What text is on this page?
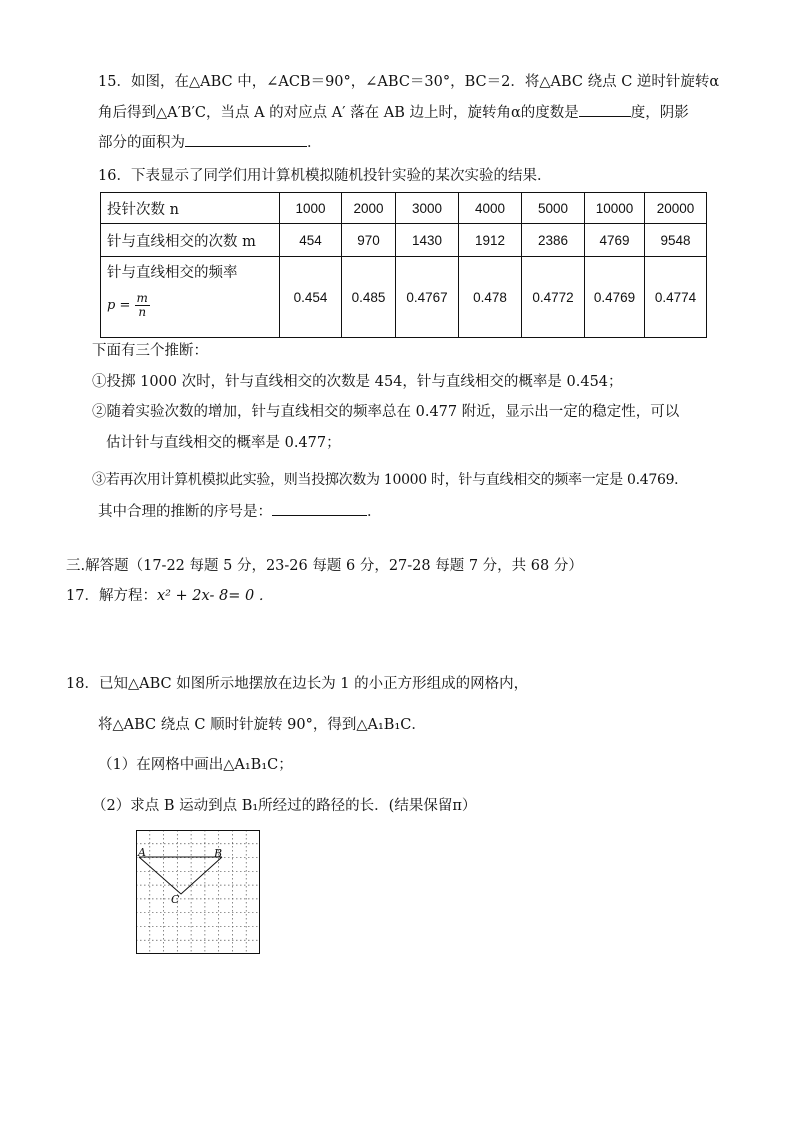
15．如图，在△ABC 中，∠ACB＝90°，∠ABC＝30°，BC＝2．将△ABC 绕点 C 逆时针旋转α
角后得到△A′B′C，当点 A 的对应点 A′ 落在 AB 边上时，旋转角α的度数是	度，阴影
部分的面积为	．
16．下表显示了同学们用计算机模拟随机投针实验的某次实验的结果．
投针次数 n	1000	2000	3000	4000	5000	10000	20000
针与直线相交的次数 m	454	970	1430	1912	2386	4769	9548

针与直线相交的频率
$p = \frac{m}{n}$	0.454	0.485	0.4767	0.478	0.4772	0.4769	0.4774
下面有三个推断：
①投掷 1000 次时，针与直线相交的次数是 454，针与直线相交的概率是 0.454；
②随着实验次数的增加，针与直线相交的频率总在 0.477 附近，显示出一定的稳定性，可以
估计针与直线相交的概率是 0.477；
③若再次用计算机模拟此实验，则当投掷次数为 10000 时，针与直线相交的频率一定是 0.4769．
其中合理的推断的序号是：	．
三.解答题（17-22 每题 5 分，23-26 每题 6 分，27-28 每题 7 分，共 68 分）
17．解方程：x² + 2x- 8= 0 ．
18．已知△ABC 如图所示地摆放在边长为 1 的小正方形组成的网格内，
将△ABC 绕点 C 顺时针旋转 90°，得到△A₁B₁C．
（1）在网格中画出△A₁B₁C；
（2）求点 B 运动到点 B₁所经过的路径的长．(结果保留π）
A	B
C
